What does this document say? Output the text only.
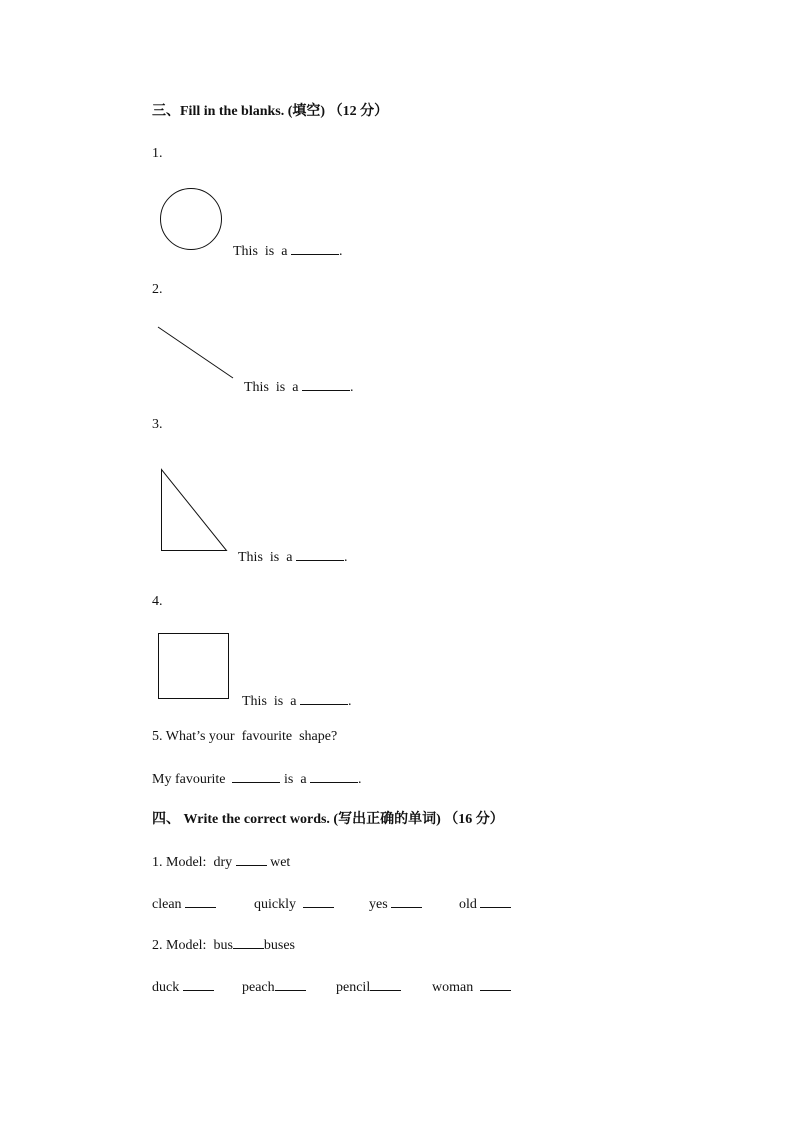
三、Fill in the blanks. (填空) （12 分）
1.
This  is  a	.
2.
This  is  a	.
3.
This  is  a	.
4.
This  is  a	.
5. What’s your  favourite  shape?
My favourite	is  a	.
四、 Write the correct words. (写出正确的单词) （16 分）
1. Model:  dry  wet
clean	quickly	yes	old
2. Model:  bus buses
duck	peach	pencil	woman
